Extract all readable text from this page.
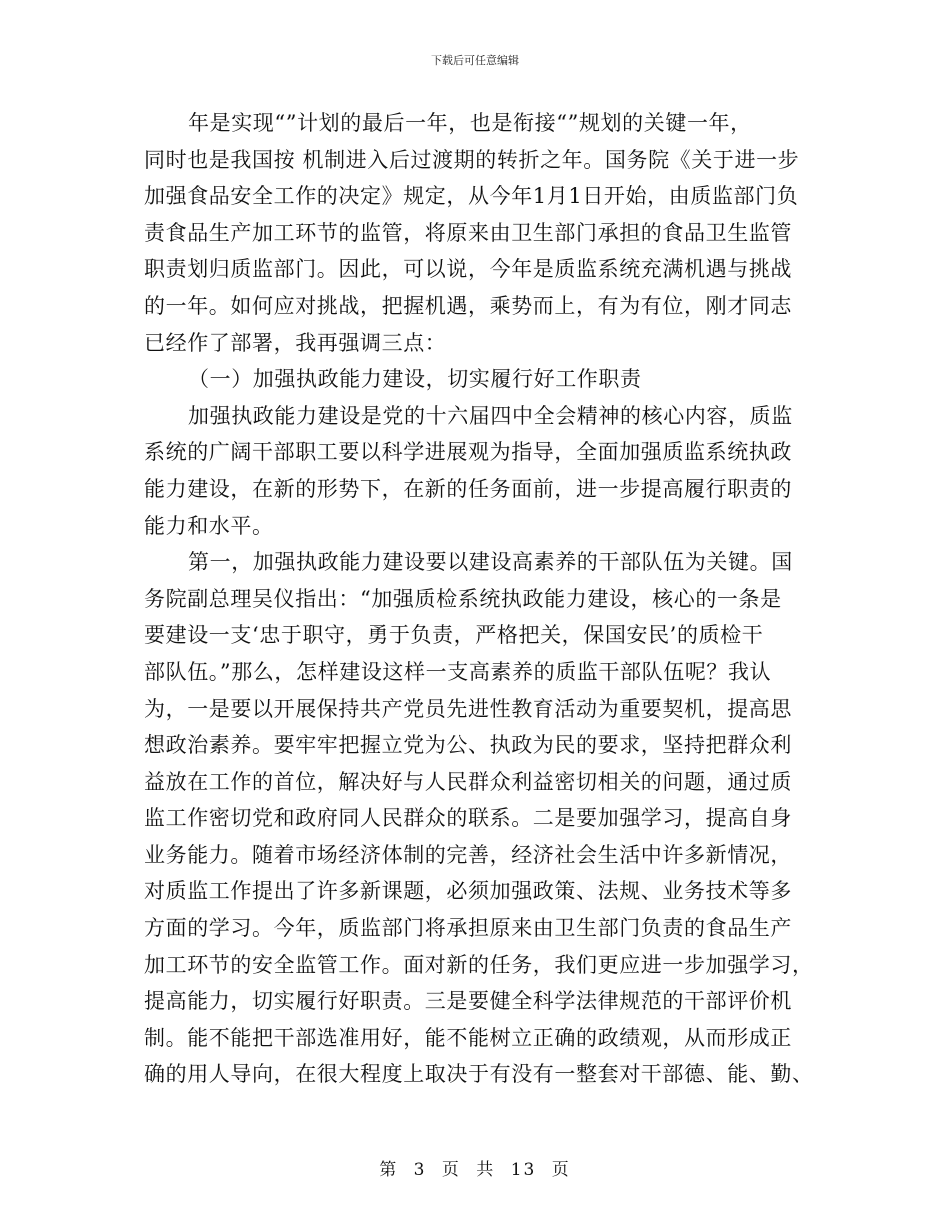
下载后可任意编辑
年是实现“”计划的最后一年，也是衔接“”规划的关键一年，
同时也是我国按 机制进入后过渡期的转折之年。国务院《关于进一步
加强食品安全工作的决定》规定，从今年1月1日开始，由质监部门负
责食品生产加工环节的监管，将原来由卫生部门承担的食品卫生监管
职责划归质监部门。因此，可以说，今年是质监系统充满机遇与挑战
的一年。如何应对挑战，把握机遇，乘势而上，有为有位，刚才同志
已经作了部署，我再强调三点：
（一）加强执政能力建设，切实履行好工作职责
加强执政能力建设是党的十六届四中全会精神的核心内容，质监
系统的广阔干部职工要以科学进展观为指导，全面加强质监系统执政
能力建设，在新的形势下，在新的任务面前，进一步提高履行职责的
能力和水平。
第一，加强执政能力建设要以建设高素养的干部队伍为关键。国
务院副总理吴仪指出：“加强质检系统执政能力建设，核心的一条是
要建设一支‘忠于职守，勇于负责，严格把关，保国安民’的质检干
部队伍。”那么，怎样建设这样一支高素养的质监干部队伍呢？我认
为，一是要以开展保持共产党员先进性教育活动为重要契机，提高思
想政治素养。要牢牢把握立党为公、执政为民的要求，坚持把群众利
益放在工作的首位，解决好与人民群众利益密切相关的问题，通过质
监工作密切党和政府同人民群众的联系。二是要加强学习，提高自身
业务能力。随着市场经济体制的完善，经济社会生活中许多新情况，
对质监工作提出了许多新课题，必须加强政策、法规、业务技术等多
方面的学习。今年，质监部门将承担原来由卫生部门负责的食品生产
加工环节的安全监管工作。面对新的任务，我们更应进一步加强学习，
提高能力，切实履行好职责。三是要健全科学法律规范的干部评价机
制。能不能把干部选准用好，能不能树立正确的政绩观，从而形成正
确的用人导向，在很大程度上取决于有没有一整套对干部德、能、勤、
第 3 页 共 13 页
